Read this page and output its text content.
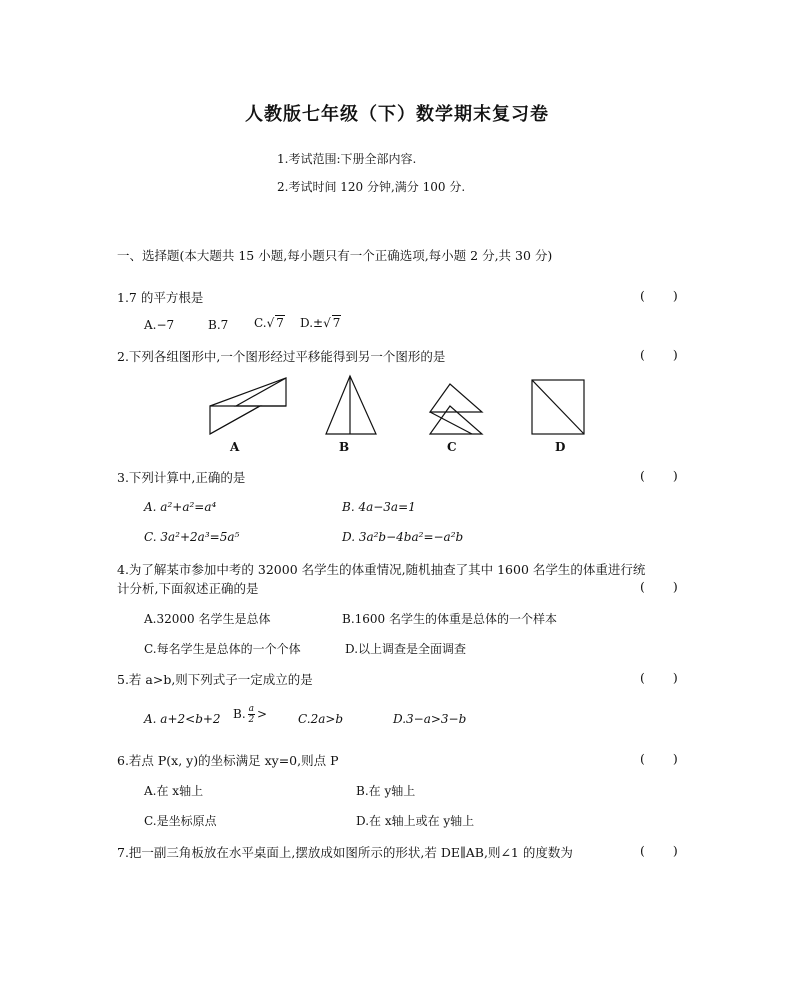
人教版七年级（下）数学期末复习卷
1.考试范围:下册全部内容.
2.考试时间 120 分钟,满分 100 分.
一、选择题(本大题共 15 小题,每小题只有一个正确选项,每小题 2 分,共 30 分)
1.7 的平方根是	( )
A.−7	B.7 C.√ 7 D.±√ 7
2.下列各组图形中,一个图形经过平移能得到另一个图形的是	( )
A	B	C	D
3.下列计算中,正确的是	( )
A. a²+a²=a⁴	B. 4a−3a=1
C. 3a²+2a³=5a⁵	D. 3a²b−4ba²=−a²b
4.为了解某市参加中考的 32000 名学生的体重情况,随机抽查了其中 1600 名学生的体重进行统
计分析,下面叙述正确的是	( )
A.32000 名学生是总体	B.1600 名学生的体重是总体的一个样本
C.每名学生是总体的一个个体	D.以上调查是全面调查
5.若 a>b,则下列式子一定成立的是	( )
A. a+2<b+2 B. $\frac{a}{2}$ >	C.2a>b	D.3−a>3−b
6.若点 P(x, y)的坐标满足 xy=0,则点 P	( )
A.在 x轴上	B.在 y轴上
C.是坐标原点	D.在 x轴上或在 y轴上
7.把一副三角板放在水平桌面上,摆放成如图所示的形状,若 DE∥AB,则∠1 的度数为	( )
